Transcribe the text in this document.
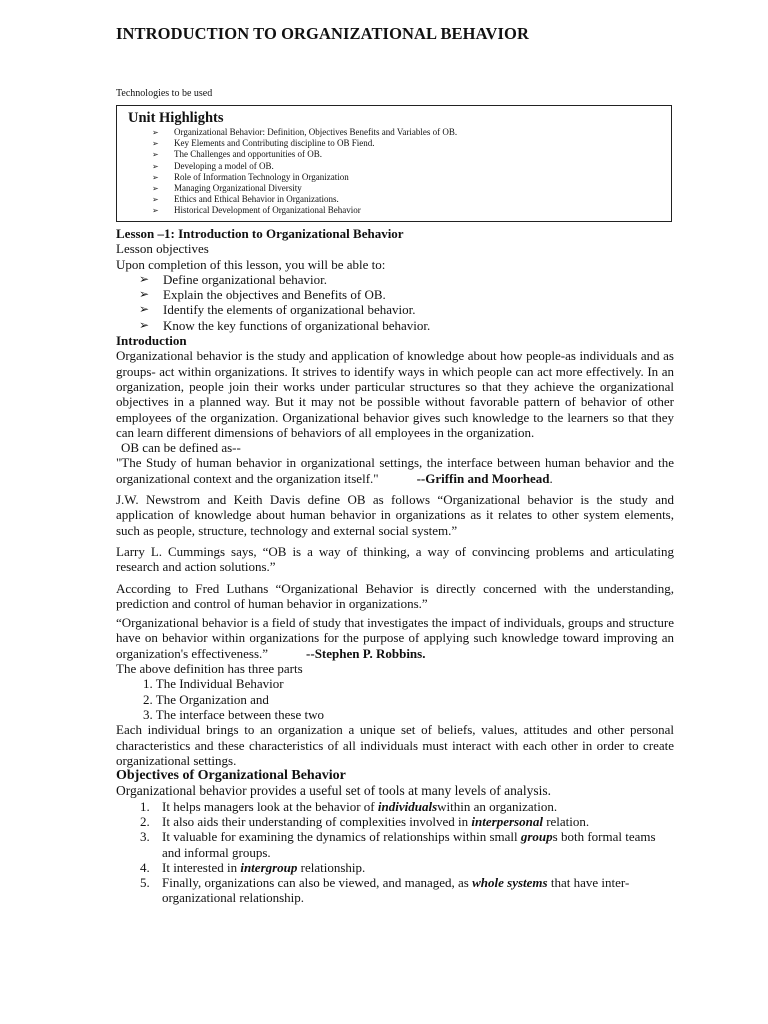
INTRODUCTION TO ORGANIZATIONAL BEHAVIOR
Technologies to be used
Unit Highlights
➢ Organizational Behavior: Definition, Objectives Benefits and Variables of OB.
➢ Key Elements and Contributing discipline to OB Fiend.
➢ The Challenges and opportunities of OB.
➢ Developing a model of OB.
➢ Role of Information Technology in Organization
➢ Managing Organizational Diversity
➢ Ethics and Ethical Behavior in Organizations.
➢ Historical Development of Organizational Behavior

Lesson –1: Introduction to Organizational Behavior

Lesson objectives

Upon completion of this lesson, you will be able to:

➢ Define organizational behavior.
➢ Explain the objectives and Benefits of OB.
➢ Identify the elements of organizational behavior.
➢ Know the key functions of organizational behavior.

Introduction

Organizational behavior is the study and application of knowledge about how people-as individuals and as groups- act within organizations. It strives to identify ways in which people can act more effectively. In an organization, people join their works under particular structures so that they achieve the organizational objectives in a planned way. But it may not be possible without favorable pattern of behavior of other employees of the organization. Organizational behavior gives such knowledge to the learners so that they can learn different dimensions of behaviors of all employees in the organization.

OB can be defined as--

"The Study of human behavior in organizational settings, the interface between human behavior and the organizational context and the organization itself."	--Griffin and Moorhead.

J.W. Newstrom and Keith Davis define OB as follows “Organizational behavior is the study and application of knowledge about human behavior in organizations as it relates to other system elements, such as people, structure, technology and external social system.”

Larry L. Cummings says, “OB is a way of thinking, a way of convincing problems and articulating research and action solutions.”

According to Fred Luthans “Organizational Behavior is directly concerned with the understanding, prediction and control of human behavior in organizations.”

“Organizational behavior is a field of study that investigates the impact of individuals, groups and structure have on behavior within organizations for the purpose of applying such knowledge toward improving an organization's effectiveness.”	--Stephen P. Robbins.

The above definition has three parts

1. The Individual Behavior
2. The Organization and
3. The interface between these two

Each individual brings to an organization a unique set of beliefs, values, attitudes and other personal characteristics and these characteristics of all individuals must interact with each other in order to create organizational settings.

Objectives of Organizational Behavior

Organizational behavior provides a useful set of tools at many levels of analysis.

1. It helps managers look at the behavior of individualswithin an organization.
2. It also aids their understanding of complexities involved in interpersonal relation.
3. It valuable for examining the dynamics of relationships within small groups both formal teams and informal groups.
4. It interested in intergroup relationship.
5. Finally, organizations can also be viewed, and managed, as whole systems that have inter-organizational relationship.
